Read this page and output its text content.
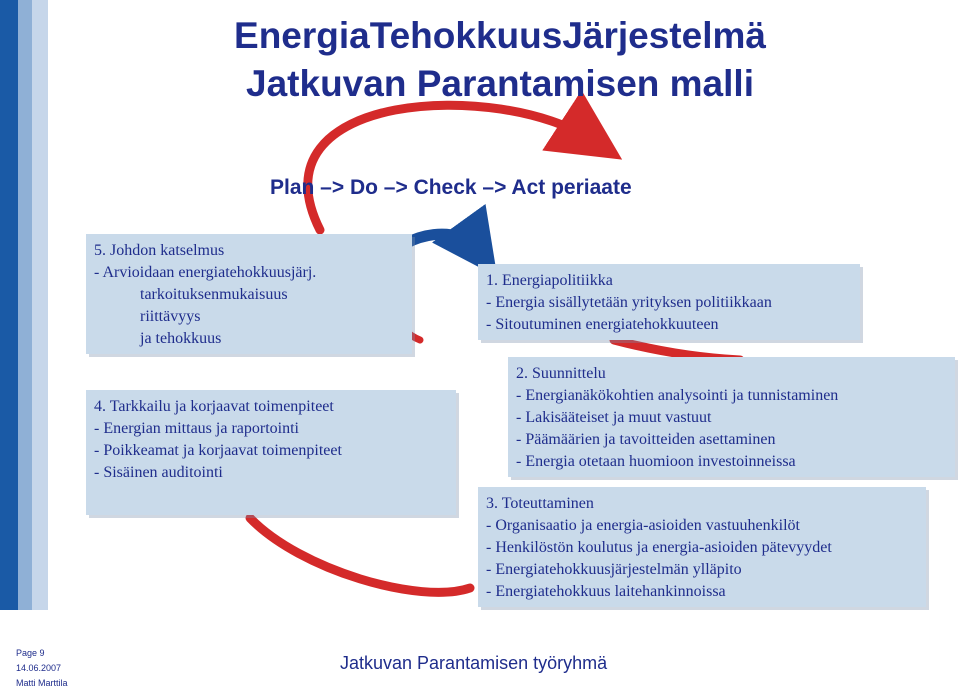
EnergiaTehokkuusJärjestelmä
Jatkuvan Parantamisen malli
Plan –> Do –> Check –> Act periaate
5. Johdon katselmus
- Arvioidaan energiatehokkuusjärj.
tarkoituksenmukaisuus
riittävyys
ja tehokkuus
4. Tarkkailu ja korjaavat toimenpiteet
- Energian mittaus ja raportointi
- Poikkeamat ja korjaavat toimenpiteet
- Sisäinen auditointi
1. Energiapolitiikka
- Energia sisällytetään yrityksen politiikkaan
- Sitoutuminen energiatehokkuuteen
2. Suunnittelu
- Energianäkökohtien analysointi ja tunnistaminen
- Lakisääteiset ja muut vastuut
- Päämäärien ja tavoitteiden asettaminen
- Energia otetaan huomioon investoinneissa
3. Toteuttaminen
- Organisaatio ja energia-asioiden vastuuhenkilöt
- Henkilöstön koulutus ja energia-asioiden pätevyydet
- Energiatehokkuusjärjestelmän ylläpito
- Energiatehokkuus laitehankinnoissa
Page 9
14.06.2007
Matti Marttila
Jatkuvan Parantamisen työryhmä
